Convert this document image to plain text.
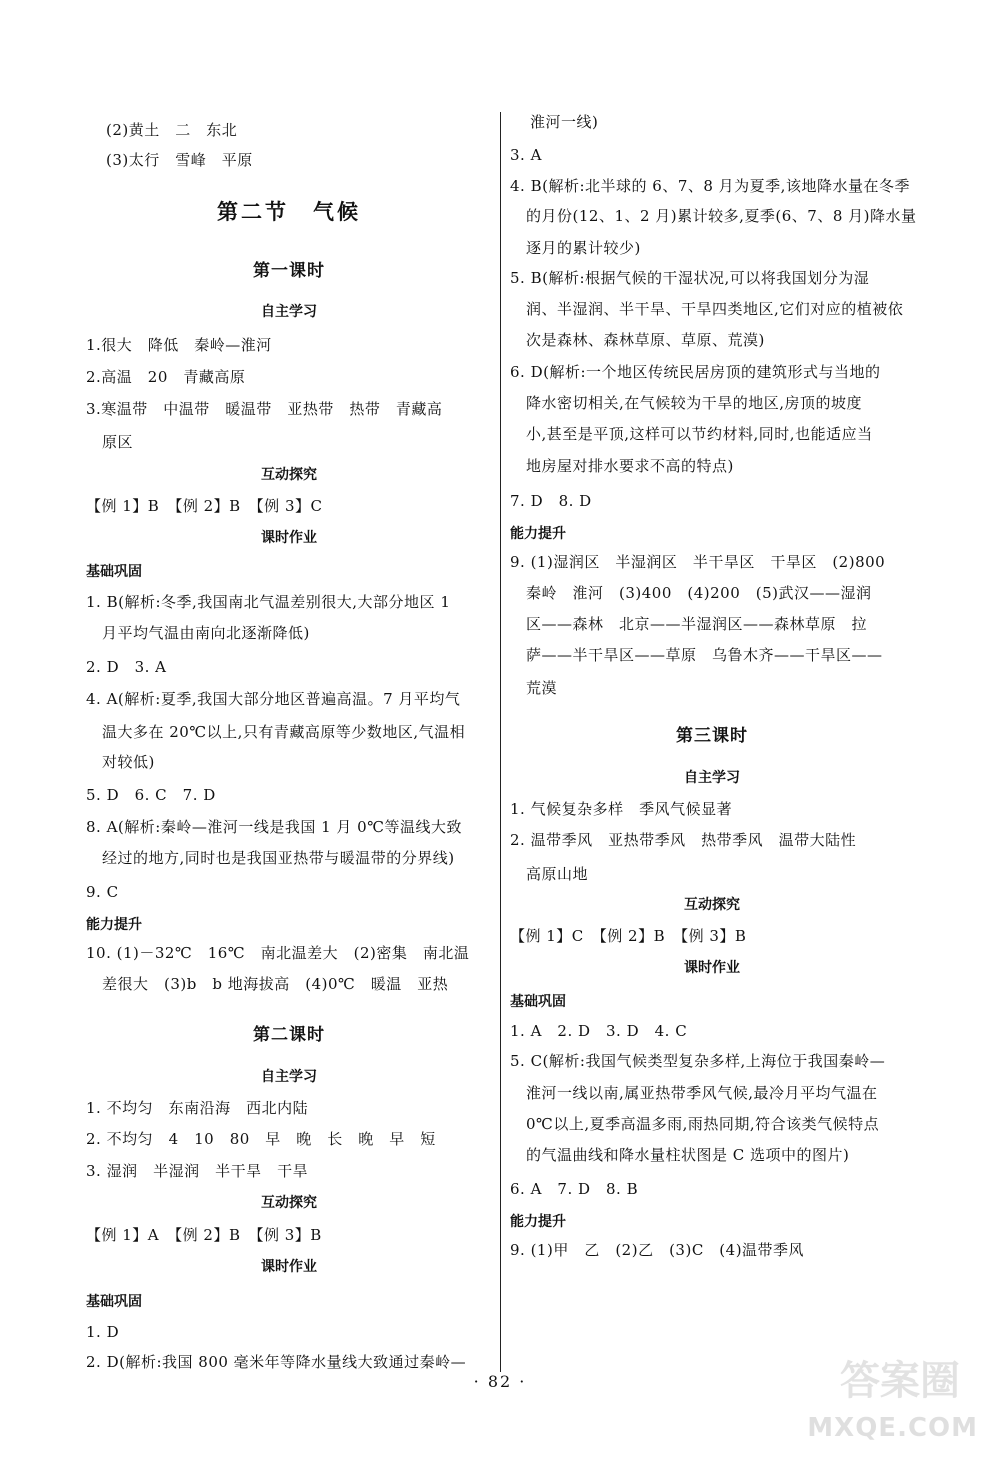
(2)黄土　二　东北
(3)太行　雪峰　平原
第二节　气候
第一课时
自主学习
1.很大　降低　秦岭—淮河
2.高温　20　青藏高原
3.寒温带　中温带　暖温带　亚热带　热带　青藏高
原区
互动探究
【例 1】B　【例 2】B　【例 3】C
课时作业
基础巩固
1. B(解析:冬季,我国南北气温差别很大,大部分地区 1
月平均气温由南向北逐渐降低)
2. D　3. A
4. A(解析:夏季,我国大部分地区普遍高温。7 月平均气
温大多在 20℃以上,只有青藏高原等少数地区,气温相
对较低)
5. D　6. C　7. D
8. A(解析:秦岭—淮河一线是我国 1 月 0℃等温线大致
经过的地方,同时也是我国亚热带与暖温带的分界线)
9. C
能力提升
10. (1)－32℃　16℃　南北温差大　(2)密集　南北温
差很大　(3)b　b 地海拔高　(4)0℃　暖温　亚热
第二课时
自主学习
1. 不均匀　东南沿海　西北内陆
2. 不均匀　4　10　80　早　晚　长　晚　早　短
3. 湿润　半湿润　半干旱　干旱
互动探究
【例 1】A　【例 2】B　【例 3】B
课时作业
基础巩固
1. D
2. D(解析:我国 800 毫米年等降水量线大致通过秦岭—
淮河一线)
3. A
4. B(解析:北半球的 6、7、8 月为夏季,该地降水量在冬季
的月份(12、1、2 月)累计较多,夏季(6、7、8 月)降水量
逐月的累计较少)
5. B(解析:根据气候的干湿状况,可以将我国划分为湿
润、半湿润、半干旱、干旱四类地区,它们对应的植被依
次是森林、森林草原、草原、荒漠)
6. D(解析:一个地区传统民居房顶的建筑形式与当地的
降水密切相关,在气候较为干旱的地区,房顶的坡度
小,甚至是平顶,这样可以节约材料,同时,也能适应当
地房屋对排水要求不高的特点)
7. D　8. D
能力提升
9. (1)湿润区　半湿润区　半干旱区　干旱区　(2)800
秦岭　淮河　(3)400　(4)200　(5)武汉——湿润
区——森林　北京——半湿润区——森林草原　拉
萨——半干旱区——草原　乌鲁木齐——干旱区——
荒漠
第三课时
自主学习
1. 气候复杂多样　季风气候显著
2. 温带季风　亚热带季风　热带季风　温带大陆性
高原山地
互动探究
【例 1】C　【例 2】B　【例 3】B
课时作业
基础巩固
1. A　2. D　3. D　4. C
5. C(解析:我国气候类型复杂多样,上海位于我国秦岭—
淮河一线以南,属亚热带季风气候,最冷月平均气温在
0℃以上,夏季高温多雨,雨热同期,符合该类气候特点
的气温曲线和降水量柱状图是 C 选项中的图片)
6. A　7. D　8. B
能力提升
9. (1)甲　乙　(2)乙　(3)C　(4)温带季风
· 82 ·	答案圈
MXQE.COM
